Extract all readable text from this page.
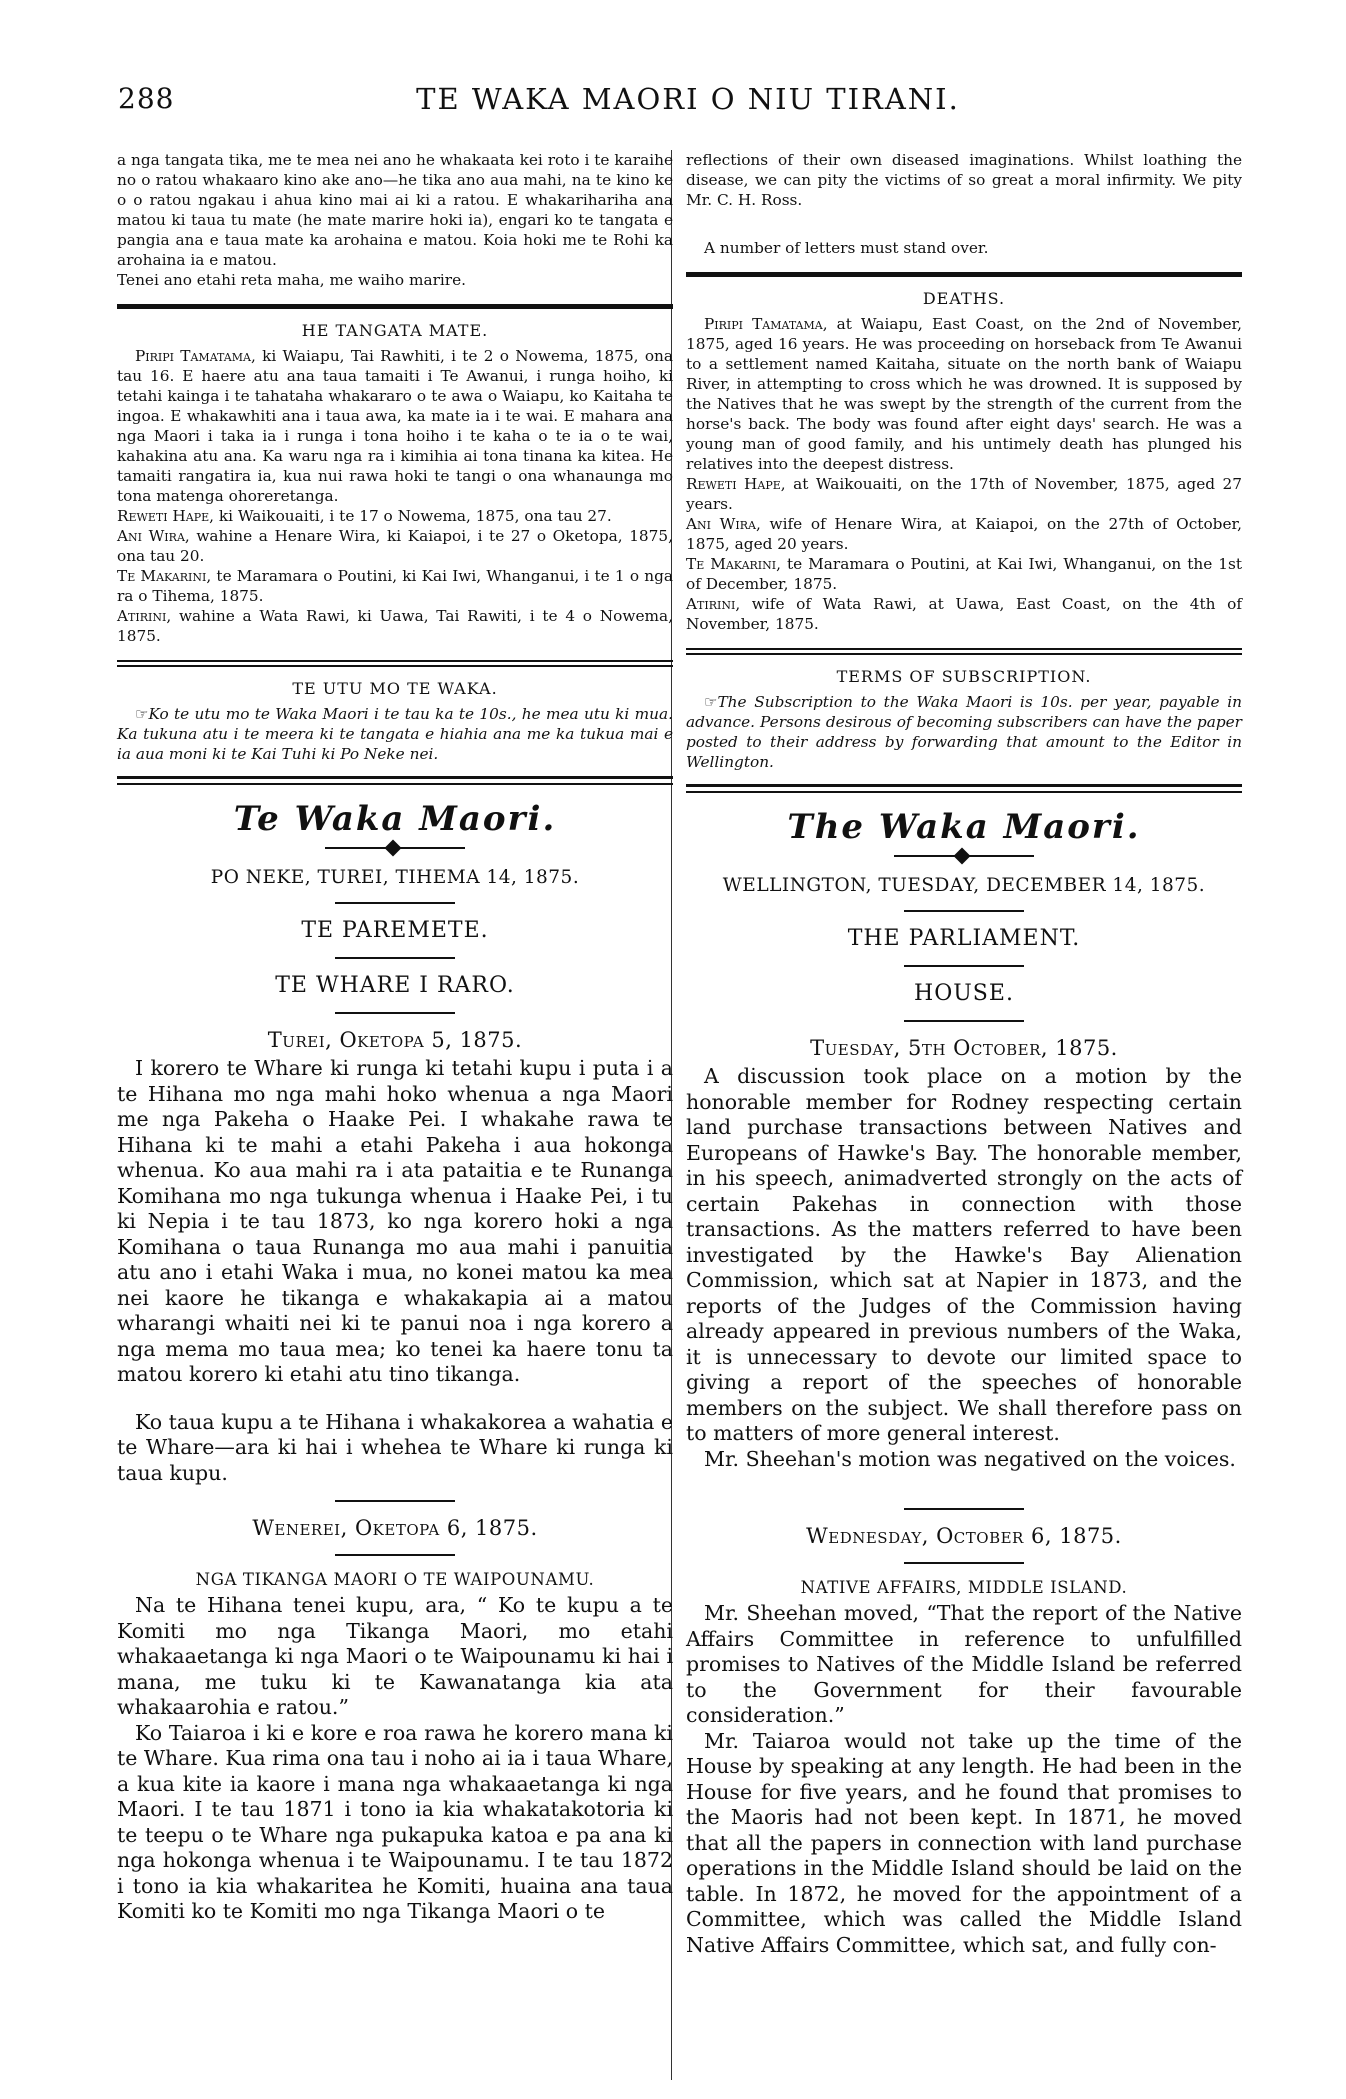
288	TE WAKA MAORI O NIU TIRANI.

a nga tangata tika, me te mea nei ano he whakaata kei roto i te karaihe no o ratou whakaaro kino ake ano—he tika ano aua mahi, na te kino ke o o ratou ngakau i ahua kino mai ai ki a ratou. E whakarihariha ana matou ki taua tu mate (he mate marire hoki ia), engari ko te tangata e pangia ana e taua mate ka arohaina e matou. Koia hoki me te Rohi ka arohaina ia e matou.

Tenei ano etahi reta maha, me waiho marire.

HE TANGATA MATE.

Piripi Tamatama, ki Waiapu, Tai Rawhiti, i te 2 o Nowema, 1875, ona tau 16. E haere atu ana taua tamaiti i Te Awanui, i runga hoiho, ki tetahi kainga i te tahataha whakararo o te awa o Waiapu, ko Kaitaha te ingoa. E whakawhiti ana i taua awa, ka mate ia i te wai. E mahara ana nga Maori i taka ia i runga i tona hoiho i te kaha o te ia o te wai, kahakina atu ana. Ka waru nga ra i kimihia ai tona tinana ka kitea. He tamaiti rangatira ia, kua nui rawa hoki te tangi o ona whanaunga mo tona matenga ohoreretanga.

Reweti Hape, ki Waikouaiti, i te 17 o Nowema, 1875, ona tau 27.

Ani Wira, wahine a Henare Wira, ki Kaiapoi, i te 27 o Oketopa, 1875, ona tau 20.

Te Makarini, te Maramara o Poutini, ki Kai Iwi, Whanganui, i te 1 o nga ra o Tihema, 1875.

Atirini, wahine a Wata Rawi, ki Uawa, Tai Rawiti, i te 4 o Nowema, 1875.

TE UTU MO TE WAKA.

☞Ko te utu mo te Waka Maori i te tau ka te 10s., he mea utu ki mua. Ka tukuna atu i te meera ki te tangata e hiahia ana me ka tukua mai e ia aua moni ki te Kai Tuhi ki Po Neke nei.

Te Waka Maori.
PO NEKE, TUREI, TIHEMA 14, 1875.
TE PAREMETE.
TE WHARE I RARO.
Turei, Oketopa 5, 1875.

I korero te Whare ki runga ki tetahi kupu i puta i a te Hihana mo nga mahi hoko whenua a nga Maori me nga Pakeha o Haake Pei. I whakahe rawa te Hihana ki te mahi a etahi Pakeha i aua hokonga whenua. Ko aua mahi ra i ata pataitia e te Runanga Komihana mo nga tukunga whenua i Haake Pei, i tu ki Nepia i te tau 1873, ko nga korero hoki a nga Komihana o taua Runanga mo aua mahi i panuitia atu ano i etahi Waka i mua, no konei matou ka mea nei kaore he tikanga e whakakapia ai a matou wharangi whaiti nei ki te panui noa i nga korero a nga mema mo taua mea; ko tenei ka haere tonu ta matou korero ki etahi atu tino tikanga.

Ko taua kupu a te Hihana i whakakorea a wahatia e te Whare—ara ki hai i whehea te Whare ki runga ki taua kupu.

Wenerei, Oketopa 6, 1875.
NGA TIKANGA MAORI O TE WAIPOUNAMU.

Na te Hihana tenei kupu, ara, “ Ko te kupu a te Komiti mo nga Tikanga Maori, mo etahi whakaaetanga ki nga Maori o te Waipounamu ki hai i mana, me tuku ki te Kawanatanga kia ata whakaarohia e ratou.”

Ko Taiaroa i ki e kore e roa rawa he korero mana ki te Whare. Kua rima ona tau i noho ai ia i taua Whare, a kua kite ia kaore i mana nga whakaaetanga ki nga Maori. I te tau 1871 i tono ia kia whakatakotoria ki te teepu o te Whare nga pukapuka katoa e pa ana ki nga hokonga whenua i te Waipounamu. I te tau 1872 i tono ia kia whakaritea he Komiti, huaina ana taua Komiti ko te Komiti mo nga Tikanga Maori o te

reflections of their own diseased imaginations. Whilst loathing the disease, we can pity the victims of so great a moral infirmity. We pity Mr. C. H. Ross.

A number of letters must stand over.

DEATHS.

Piripi Tamatama, at Waiapu, East Coast, on the 2nd of November, 1875, aged 16 years. He was proceeding on horseback from Te Awanui to a settlement named Kaitaha, situate on the north bank of Waiapu River, in attempting to cross which he was drowned. It is supposed by the Natives that he was swept by the strength of the current from the horse's back. The body was found after eight days' search. He was a young man of good family, and his untimely death has plunged his relatives into the deepest distress.

Reweti Hape, at Waikouaiti, on the 17th of November, 1875, aged 27 years.

Ani Wira, wife of Henare Wira, at Kaiapoi, on the 27th of October, 1875, aged 20 years.

Te Makarini, te Maramara o Poutini, at Kai Iwi, Whanganui, on the 1st of December, 1875.

Atirini, wife of Wata Rawi, at Uawa, East Coast, on the 4th of November, 1875.

TERMS OF SUBSCRIPTION.

☞The Subscription to the Waka Maori is 10s. per year, payable in advance. Persons desirous of becoming subscribers can have the paper posted to their address by forwarding that amount to the Editor in Wellington.

The Waka Maori.
WELLINGTON, TUESDAY, DECEMBER 14, 1875.
THE PARLIAMENT.
HOUSE.
Tuesday, 5th October, 1875.

A discussion took place on a motion by the honorable member for Rodney respecting certain land purchase transactions between Natives and Europeans of Hawke's Bay. The honorable member, in his speech, animadverted strongly on the acts of certain Pakehas in connection with those transactions. As the matters referred to have been investigated by the Hawke's Bay Alienation Commission, which sat at Napier in 1873, and the reports of the Judges of the Commission having already appeared in previous numbers of the Waka, it is unnecessary to devote our limited space to giving a report of the speeches of honorable members on the subject. We shall therefore pass on to matters of more general interest.

Mr. Sheehan's motion was negatived on the voices.

Wednesday, October 6, 1875.
NATIVE AFFAIRS, MIDDLE ISLAND.

Mr. Sheehan moved, “That the report of the Native Affairs Committee in reference to unfulfilled promises to Natives of the Middle Island be referred to the Government for their favourable consideration.”

Mr. Taiaroa would not take up the time of the House by speaking at any length. He had been in the House for five years, and he found that promises to the Maoris had not been kept. In 1871, he moved that all the papers in connection with land purchase operations in the Middle Island should be laid on the table. In 1872, he moved for the appointment of a Committee, which was called the Middle Island Native Affairs Committee, which sat, and fully con-
